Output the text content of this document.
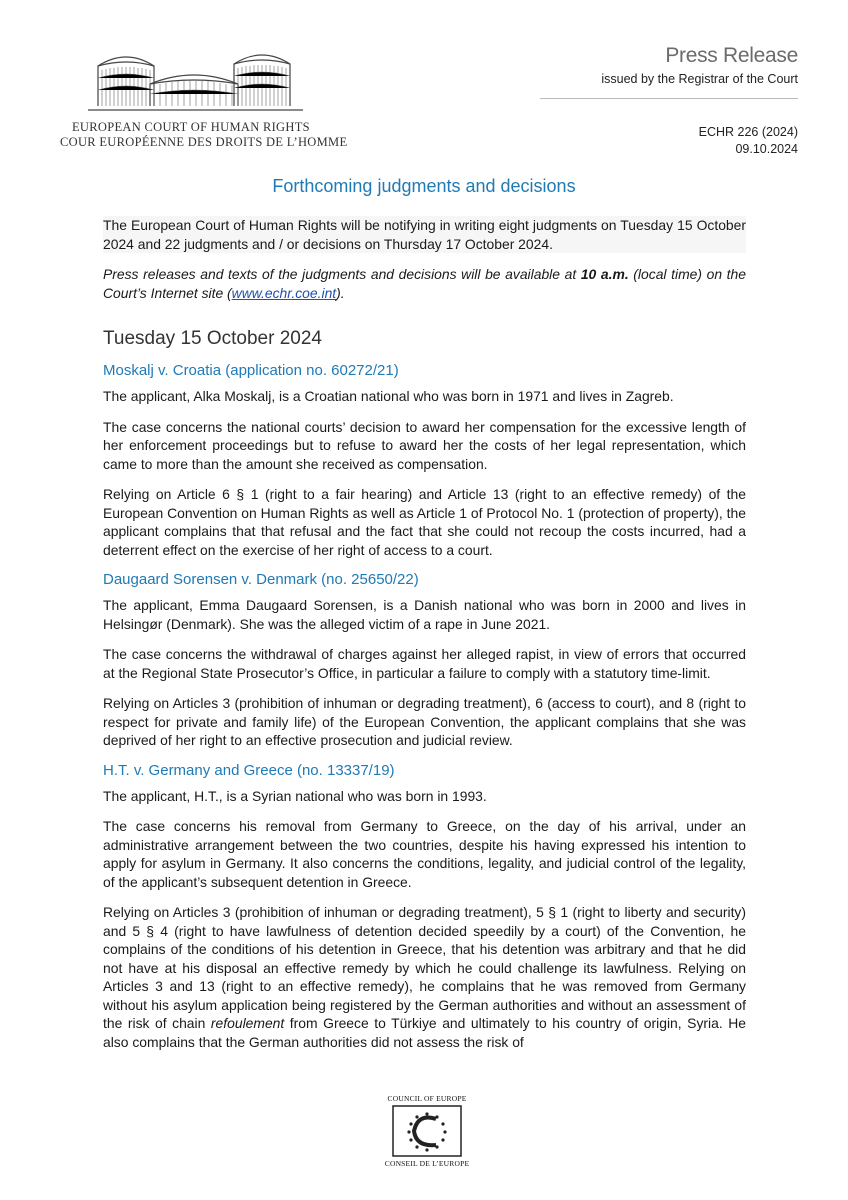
EUROPEAN COURT OF HUMAN RIGHTS
COUR EUROPÉENNE DES DROITS DE L’HOMME
Press Release
issued by the Registrar of the Court
ECHR 226 (2024)
09.10.2024
Forthcoming judgments and decisions

The European Court of Human Rights will be notifying in writing eight judgments on Tuesday 15 October 2024 and 22 judgments and / or decisions on Thursday 17 October 2024.

Press releases and texts of the judgments and decisions will be available at 10 a.m. (local time) on the Court’s Internet site (www.echr.coe.int).

Tuesday 15 October 2024
Moskalj v. Croatia (application no. 60272/21)

The applicant, Alka Moskalj, is a Croatian national who was born in 1971 and lives in Zagreb.

The case concerns the national courts’ decision to award her compensation for the excessive length of her enforcement proceedings but to refuse to award her the costs of her legal representation, which came to more than the amount she received as compensation.

Relying on Article 6 § 1 (right to a fair hearing) and Article 13 (right to an effective remedy) of the European Convention on Human Rights as well as Article 1 of Protocol No. 1 (protection of property), the applicant complains that that refusal and the fact that she could not recoup the costs incurred, had a deterrent effect on the exercise of her right of access to a court.

Daugaard Sorensen v. Denmark (no. 25650/22)

The applicant, Emma Daugaard Sorensen, is a Danish national who was born in 2000 and lives in Helsingør (Denmark). She was the alleged victim of a rape in June 2021.

The case concerns the withdrawal of charges against her alleged rapist, in view of errors that occurred at the Regional State Prosecutor’s Office, in particular a failure to comply with a statutory time-limit.

Relying on Articles 3 (prohibition of inhuman or degrading treatment), 6 (access to court), and 8 (right to respect for private and family life) of the European Convention, the applicant complains that she was deprived of her right to an effective prosecution and judicial review.

H.T. v. Germany and Greece (no. 13337/19)

The applicant, H.T., is a Syrian national who was born in 1993.

The case concerns his removal from Germany to Greece, on the day of his arrival, under an administrative arrangement between the two countries, despite his having expressed his intention to apply for asylum in Germany. It also concerns the conditions, legality, and judicial control of the legality, of the applicant’s subsequent detention in Greece.

Relying on Articles 3 (prohibition of inhuman or degrading treatment), 5 § 1 (right to liberty and security) and 5 § 4 (right to have lawfulness of detention decided speedily by a court) of the Convention, he complains of the conditions of his detention in Greece, that his detention was arbitrary and that he did not have at his disposal an effective remedy by which he could challenge its lawfulness. Relying on Articles 3 and 13 (right to an effective remedy), he complains that he was removed from Germany without his asylum application being registered by the German authorities and without an assessment of the risk of chain refoulement from Greece to Türkiye and ultimately to his country of origin, Syria. He also complains that the German authorities did not assess the risk of

COUNCIL OF EUROPE
CONSEIL DE L’EUROPE
